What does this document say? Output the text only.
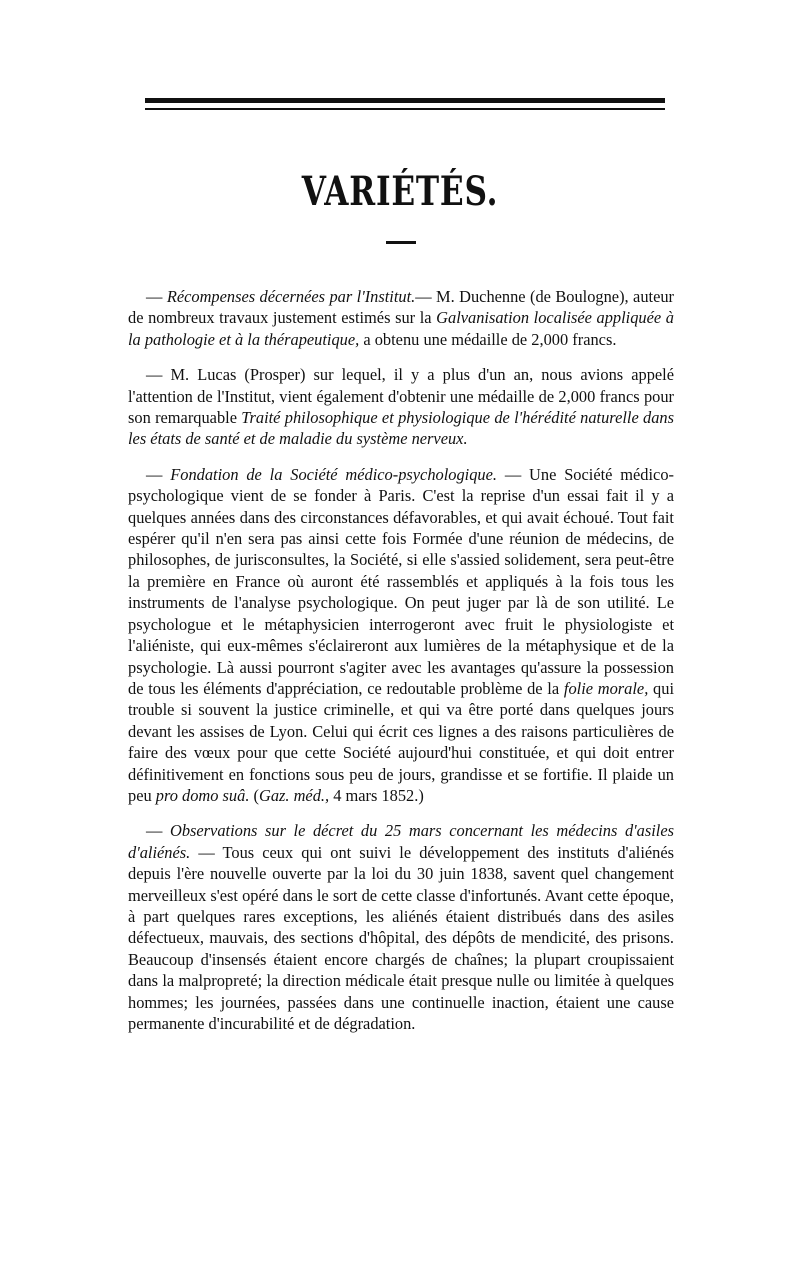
VARIÉTÉS.

— Récompenses décernées par l'Institut.— M. Duchenne (de Boulogne), auteur de nombreux travaux justement estimés sur la Galvanisation localisée appliquée à la pathologie et à la thérapeutique, a obtenu une médaille de 2,000 francs.

— M. Lucas (Prosper) sur lequel, il y a plus d'un an, nous avions appelé l'attention de l'Institut, vient également d'obtenir une médaille de 2,000 francs pour son remarquable Traité philosophique et physiologique de l'hérédité naturelle dans les états de santé et de maladie du système nerveux.

— Fondation de la Société médico-psychologique. — Une Société médico-psychologique vient de se fonder à Paris. C'est la reprise d'un essai fait il y a quelques années dans des circonstances défavorables, et qui avait échoué. Tout fait espérer qu'il n'en sera pas ainsi cette fois Formée d'une réunion de médecins, de philosophes, de jurisconsultes, la Société, si elle s'assied solidement, sera peut-être la première en France où auront été rassemblés et appliqués à la fois tous les instruments de l'analyse psychologique. On peut juger par là de son utilité. Le psychologue et le métaphysicien interrogeront avec fruit le physiologiste et l'aliéniste, qui eux-mêmes s'éclaireront aux lumières de la métaphysique et de la psychologie. Là aussi pourront s'agiter avec les avantages qu'assure la possession de tous les éléments d'appréciation, ce redoutable problème de la folie morale, qui trouble si souvent la justice criminelle, et qui va être porté dans quelques jours devant les assises de Lyon. Celui qui écrit ces lignes a des raisons particulières de faire des vœux pour que cette Société aujourd'hui constituée, et qui doit entrer définitivement en fonctions sous peu de jours, grandisse et se fortifie. Il plaide un peu pro domo suâ. (Gaz. méd., 4 mars 1852.)

— Observations sur le décret du 25 mars concernant les médecins d'asiles d'aliénés. — Tous ceux qui ont suivi le développement des instituts d'aliénés depuis l'ère nouvelle ouverte par la loi du 30 juin 1838, savent quel changement merveilleux s'est opéré dans le sort de cette classe d'infortunés. Avant cette époque, à part quelques rares exceptions, les aliénés étaient distribués dans des asiles défectueux, mauvais, des sections d'hôpital, des dépôts de mendicité, des prisons. Beaucoup d'insensés étaient encore chargés de chaînes; la plupart croupissaient dans la malpropreté; la direction médicale était presque nulle ou limitée à quelques hommes; les journées, passées dans une continuelle inaction, étaient une cause permanente d'incurabilité et de dégradation.
